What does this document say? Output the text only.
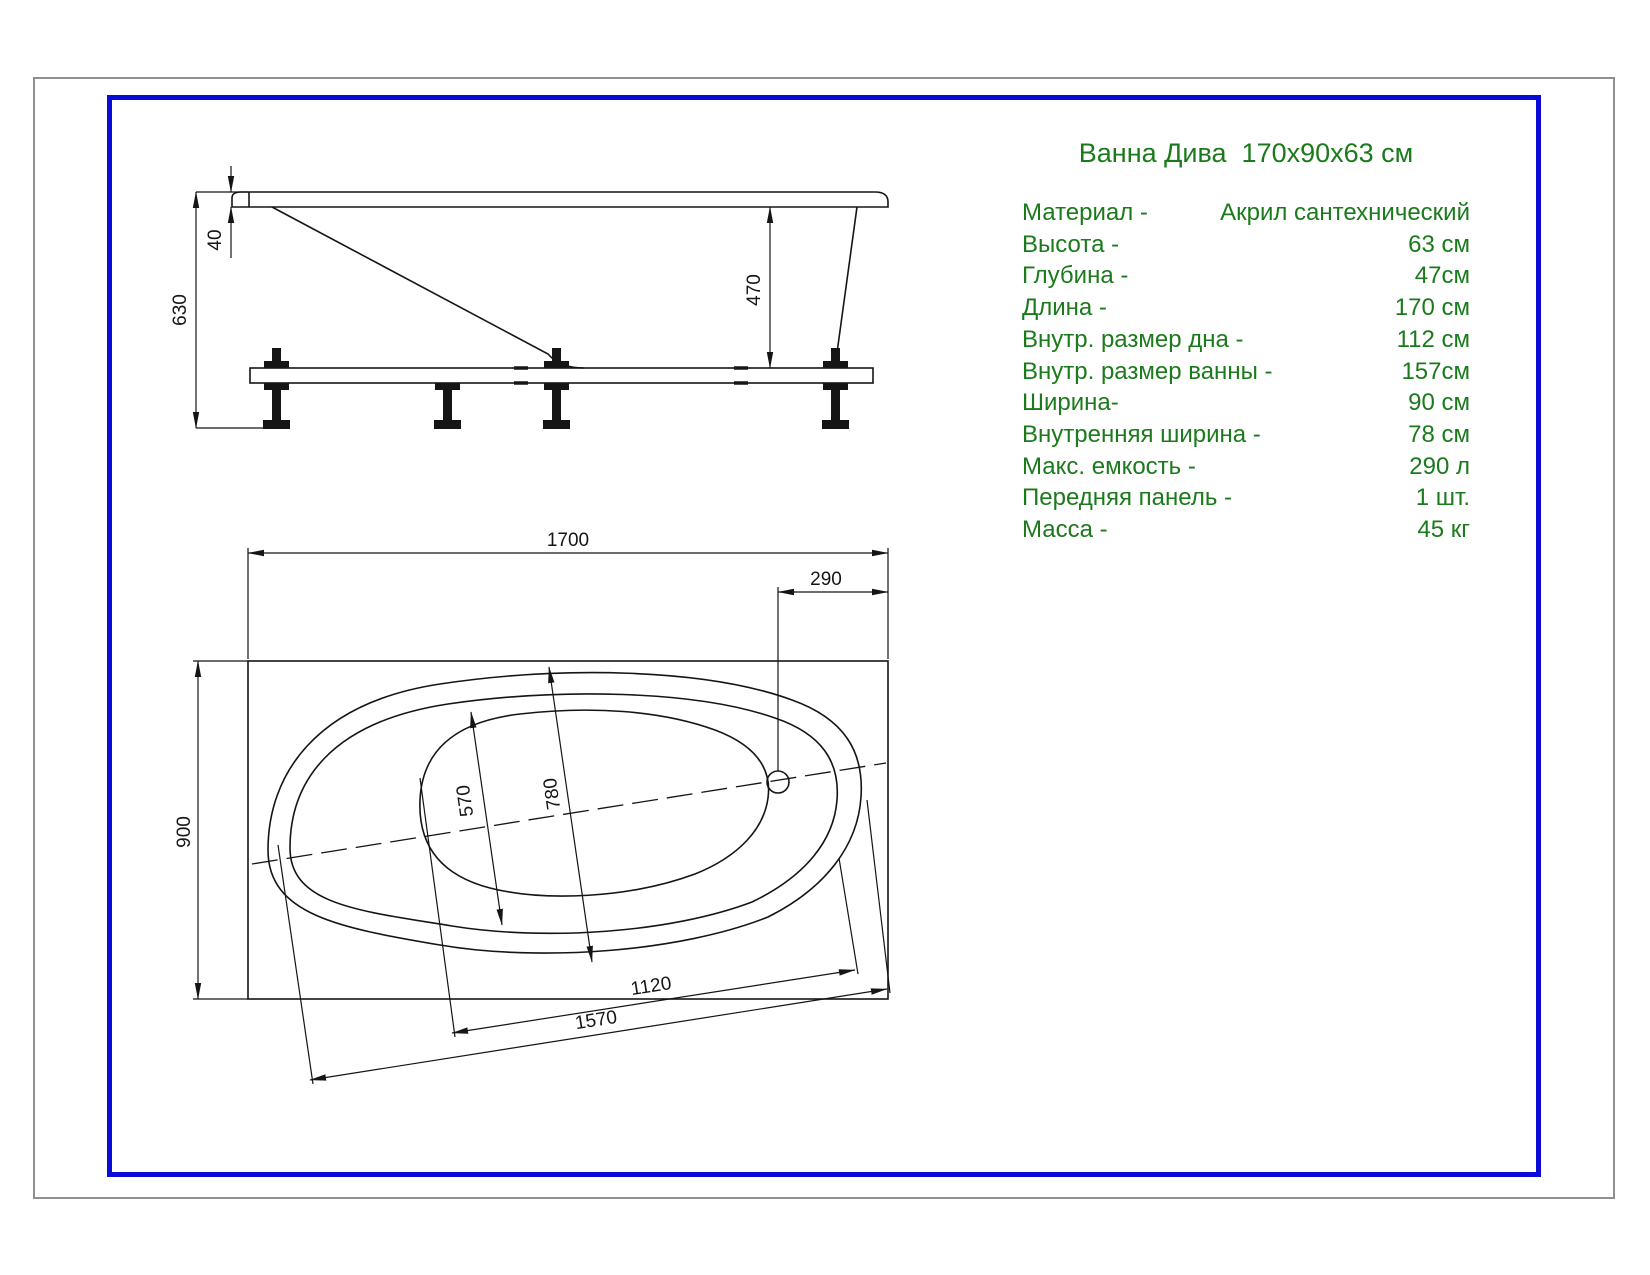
630
40
470
1700
290
900
570	780
1120
1570
Ванна Дива  170х90х63 см
Материал -	Акрил сантехнический
Высота -	63 см
Глубина -	47см
Длина -	170 см
Внутр. размер дна -	112 см
Внутр. размер ванны -	157см
Ширина-	90 см
Внутренняя ширина -	78 см
Макс. емкость -	290 л
Передняя панель -	1 шт.
Масса -	45 кг
